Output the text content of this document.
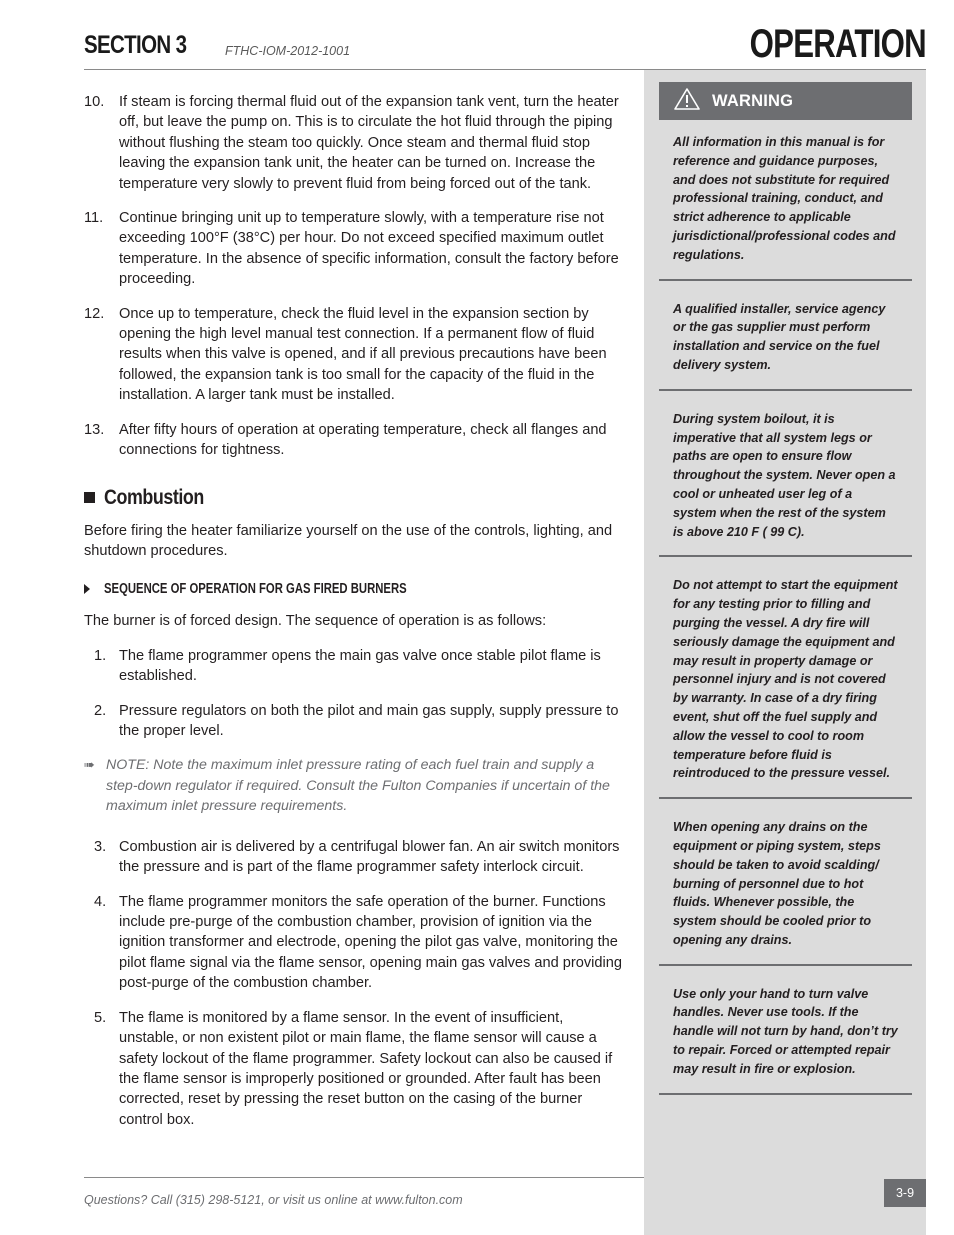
SECTION 3	FTHC-IOM-2012-1001	OPERATION
10. If steam is forcing thermal fluid out of the expansion tank vent, turn the heater off, but leave the pump on. This is to circulate the hot fluid through the piping without flushing the steam too quickly. Once steam and thermal fluid stop leaving the expansion tank unit, the heater can be turned on. Increase the temperature very slowly to prevent fluid from being forced out of the tank.
11. Continue bringing unit up to temperature slowly, with a temperature rise not exceeding 100°F (38°C) per hour. Do not exceed specified maximum outlet temperature. In the absence of specific information, consult the factory before proceeding.
12. Once up to temperature, check the fluid level in the expansion section by opening the high level manual test connection. If a permanent flow of fluid results when this valve is opened, and if all previous precautions have been followed, the expansion tank is too small for the capacity of the fluid in the installation. A larger tank must be installed.
13. After fifty hours of operation at operating temperature, check all flanges and connections for tightness.
Combustion

Before firing the heater familiarize yourself on the use of the controls, lighting, and shutdown procedures.

SEQUENCE OF OPERATION FOR GAS FIRED BURNERS

The burner is of forced design. The sequence of operation is as follows:

1. The flame programmer opens the main gas valve once stable pilot flame is established.
2. Pressure regulators on both the pilot and main gas supply, supply pressure to the proper level.
➠ NOTE: Note the maximum inlet pressure rating of each fuel train and supply a step-down regulator if required. Consult the Fulton Companies if uncertain of the maximum inlet pressure requirements.
3. Combustion air is delivered by a centrifugal blower fan. An air switch monitors the pressure and is part of the flame programmer safety interlock circuit.
4. The flame programmer monitors the safe operation of the burner. Functions include pre-purge of the combustion chamber, provision of ignition via the ignition transformer and electrode, opening the pilot gas valve, monitoring the pilot flame signal via the flame sensor, opening main gas valves and providing post-purge of the combustion chamber.
5. The flame is monitored by a flame sensor. In the event of insufficient, unstable, or non existent pilot or main flame, the flame sensor will cause a safety lockout of the flame programmer. Safety lockout can also be caused if the flame sensor is improperly positioned or grounded. After fault has been corrected, reset by pressing the reset button on the casing of the burner control box.
WARNING
All information in this manual is for reference and guidance purposes, and does not substitute for required professional training, conduct, and strict adherence to applicable jurisdictional/professional codes and regulations.
A qualified installer, service agency or the gas supplier must perform installation and service on the fuel delivery system.
During system boilout, it is imperative that all system legs or paths are open to ensure flow throughout the system. Never open a cool or unheated user leg of a system when the rest of the system is above 210 F ( 99 C).
Do not attempt to start the equipment for any testing prior to filling and purging the vessel. A dry fire will seriously damage the equipment and may result in property damage or personnel injury and is not covered by warranty. In case of a dry firing event, shut off the fuel supply and allow the vessel to cool to room temperature before fluid is reintroduced to the pressure vessel.
When opening any drains on the equipment or piping system, steps should be taken to avoid scalding/ burning of personnel due to hot fluids. Whenever possible, the system should be cooled prior to opening any drains.
Use only your hand to turn valve handles. Never use tools. If the handle will not turn by hand, don’t try to repair. Forced or attempted repair may result in fire or explosion.
Questions? Call (315) 298-5121, or visit us online at www.fulton.com	3-9
